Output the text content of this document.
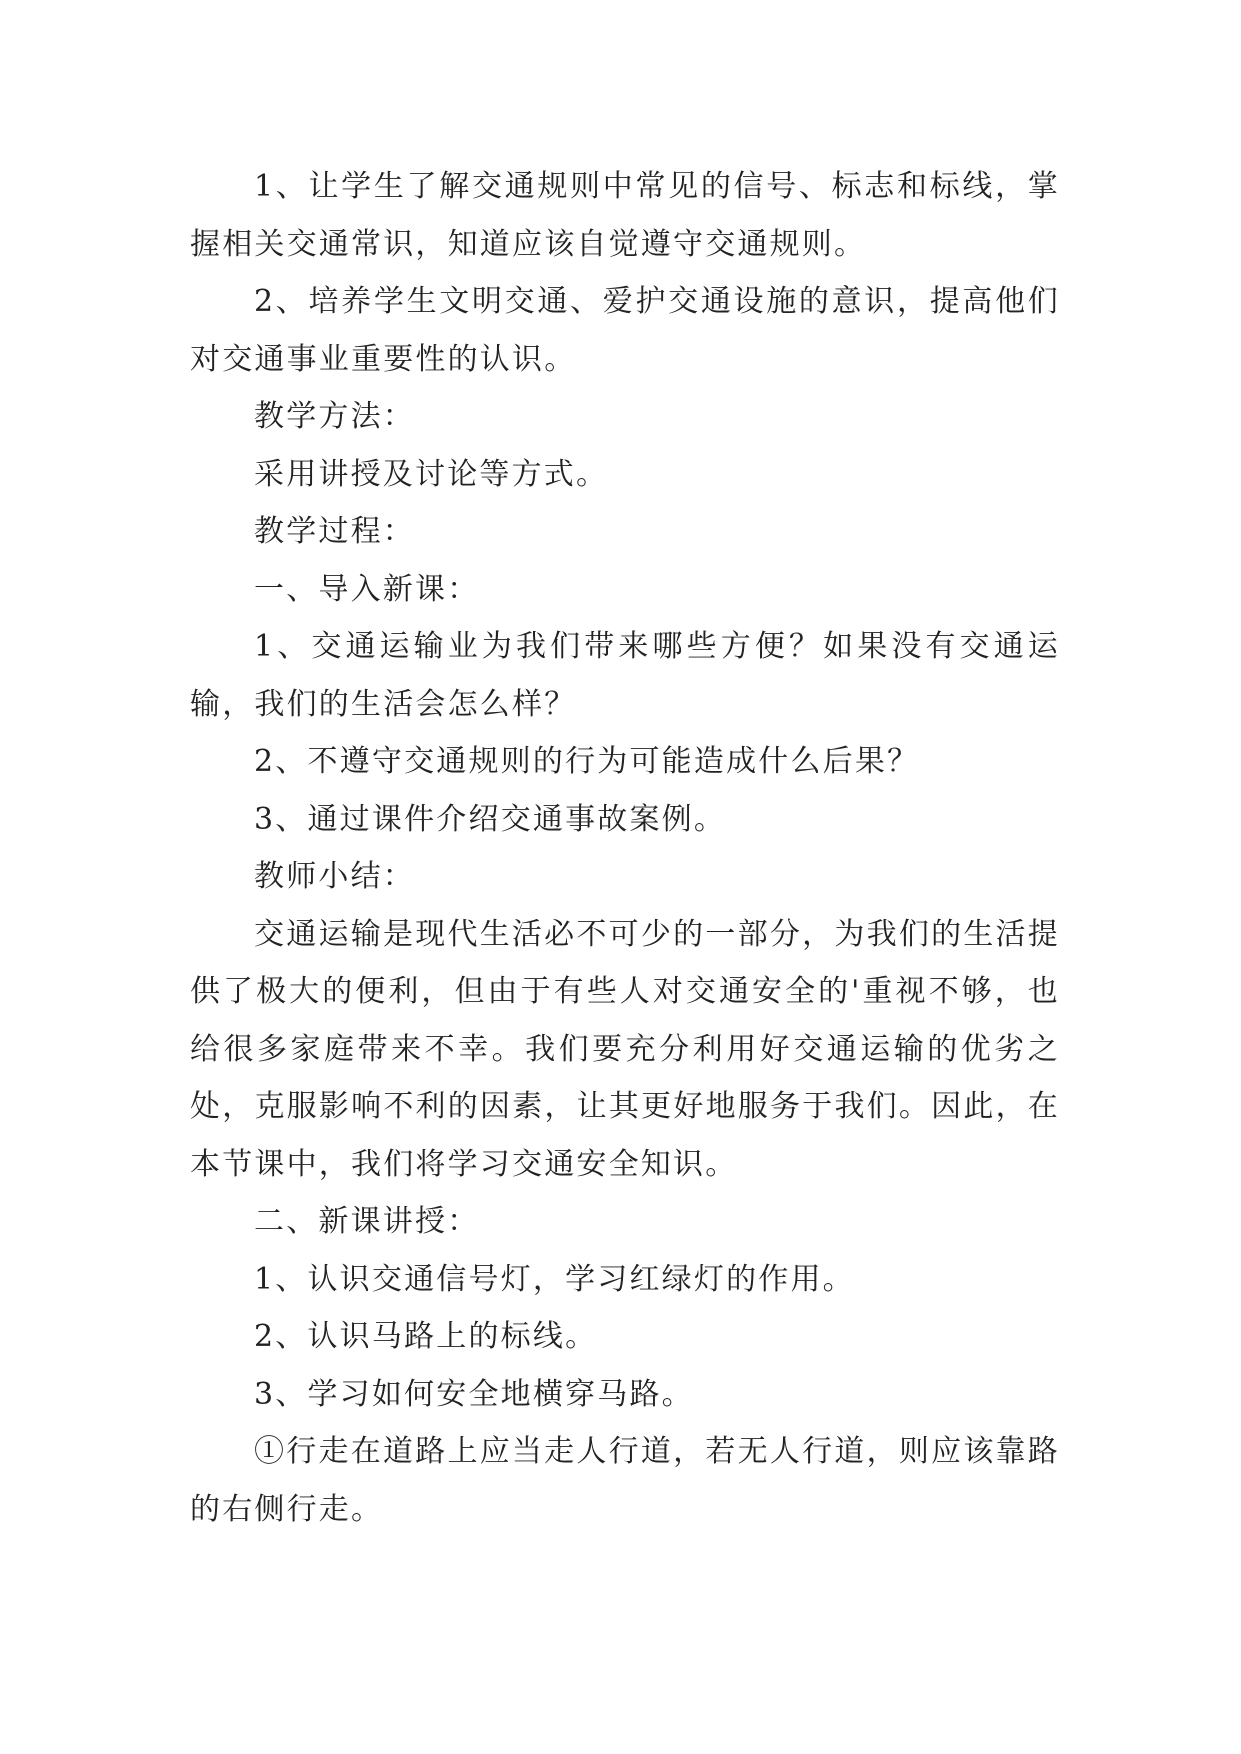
1、让学生了解交通规则中常见的信号、标志和标线，掌握相关交通常识，知道应该自觉遵守交通规则。

2、培养学生文明交通、爱护交通设施的意识，提高他们对交通事业重要性的认识。

教学方法：

采用讲授及讨论等方式。

教学过程：

一、导入新课：

1、交通运输业为我们带来哪些方便？如果没有交通运输，我们的生活会怎么样？

2、不遵守交通规则的行为可能造成什么后果？

3、通过课件介绍交通事故案例。

教师小结：

交通运输是现代生活必不可少的一部分，为我们的生活提供了极大的便利，但由于有些人对交通安全的'重视不够，也给很多家庭带来不幸。我们要充分利用好交通运输的优劣之处，克服影响不利的因素，让其更好地服务于我们。因此，在本节课中，我们将学习交通安全知识。

二、新课讲授：

1、认识交通信号灯，学习红绿灯的作用。

2、认识马路上的标线。

3、学习如何安全地横穿马路。

①行走在道路上应当走人行道，若无人行道，则应该靠路的右侧行走。
